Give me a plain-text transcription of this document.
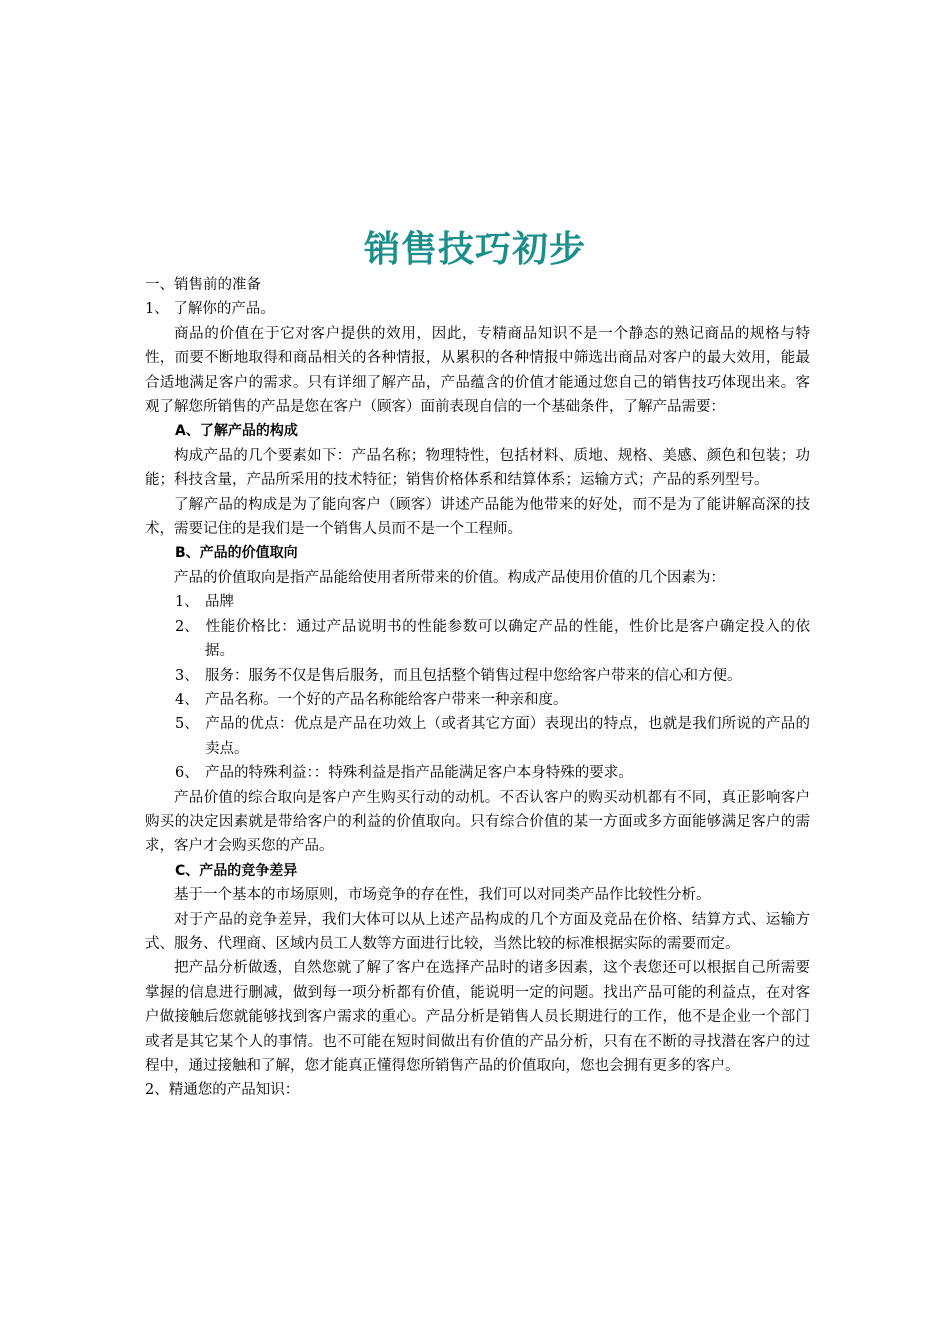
销售技巧初步

一、销售前的准备

1、 了解你的产品。

商品的价值在于它对客户提供的效用，因此，专精商品知识不是一个静态的熟记商品的规格与特性，而要不断地取得和商品相关的各种情报，从累积的各种情报中筛选出商品对客户的最大效用，能最合适地满足客户的需求。只有详细了解产品，产品蕴含的价值才能通过您自己的销售技巧体现出来。客观了解您所销售的产品是您在客户（顾客）面前表现自信的一个基础条件，了解产品需要：

A、了解产品的构成

构成产品的几个要素如下：产品名称；物理特性，包括材料、质地、规格、美感、颜色和包装；功能；科技含量，产品所采用的技术特征；销售价格体系和结算体系；运输方式；产品的系列型号。

了解产品的构成是为了能向客户（顾客）讲述产品能为他带来的好处，而不是为了能讲解高深的技术，需要记住的是我们是一个销售人员而不是一个工程师。

B、产品的价值取向

产品的价值取向是指产品能给使用者所带来的价值。构成产品使用价值的几个因素为：

1、 品牌

2、 性能价格比：通过产品说明书的性能参数可以确定产品的性能，性价比是客户确定投入的依据。

3、 服务：服务不仅是售后服务，而且包括整个销售过程中您给客户带来的信心和方便。

4、 产品名称。一个好的产品名称能给客户带来一种亲和度。

5、 产品的优点：优点是产品在功效上（或者其它方面）表现出的特点，也就是我们所说的产品的卖点。

6、 产品的特殊利益：：特殊利益是指产品能满足客户本身特殊的要求。

产品价值的综合取向是客户产生购买行动的动机。不否认客户的购买动机都有不同，真正影响客户购买的决定因素就是带给客户的利益的价值取向。只有综合价值的某一方面或多方面能够满足客户的需求，客户才会购买您的产品。

C、产品的竞争差异

基于一个基本的市场原则，市场竞争的存在性，我们可以对同类产品作比较性分析。

对于产品的竞争差异，我们大体可以从上述产品构成的几个方面及竞品在价格、结算方式、运输方式、服务、代理商、区域内员工人数等方面进行比较，当然比较的标准根据实际的需要而定。

把产品分析做透，自然您就了解了客户在选择产品时的诸多因素，这个表您还可以根据自己所需要掌握的信息进行删减，做到每一项分析都有价值，能说明一定的问题。找出产品可能的利益点，在对客户做接触后您就能够找到客户需求的重心。产品分析是销售人员长期进行的工作，他不是企业一个部门或者是其它某个人的事情。也不可能在短时间做出有价值的产品分析，只有在不断的寻找潜在客户的过程中，通过接触和了解，您才能真正懂得您所销售产品的价值取向，您也会拥有更多的客户。

2、精通您的产品知识：
